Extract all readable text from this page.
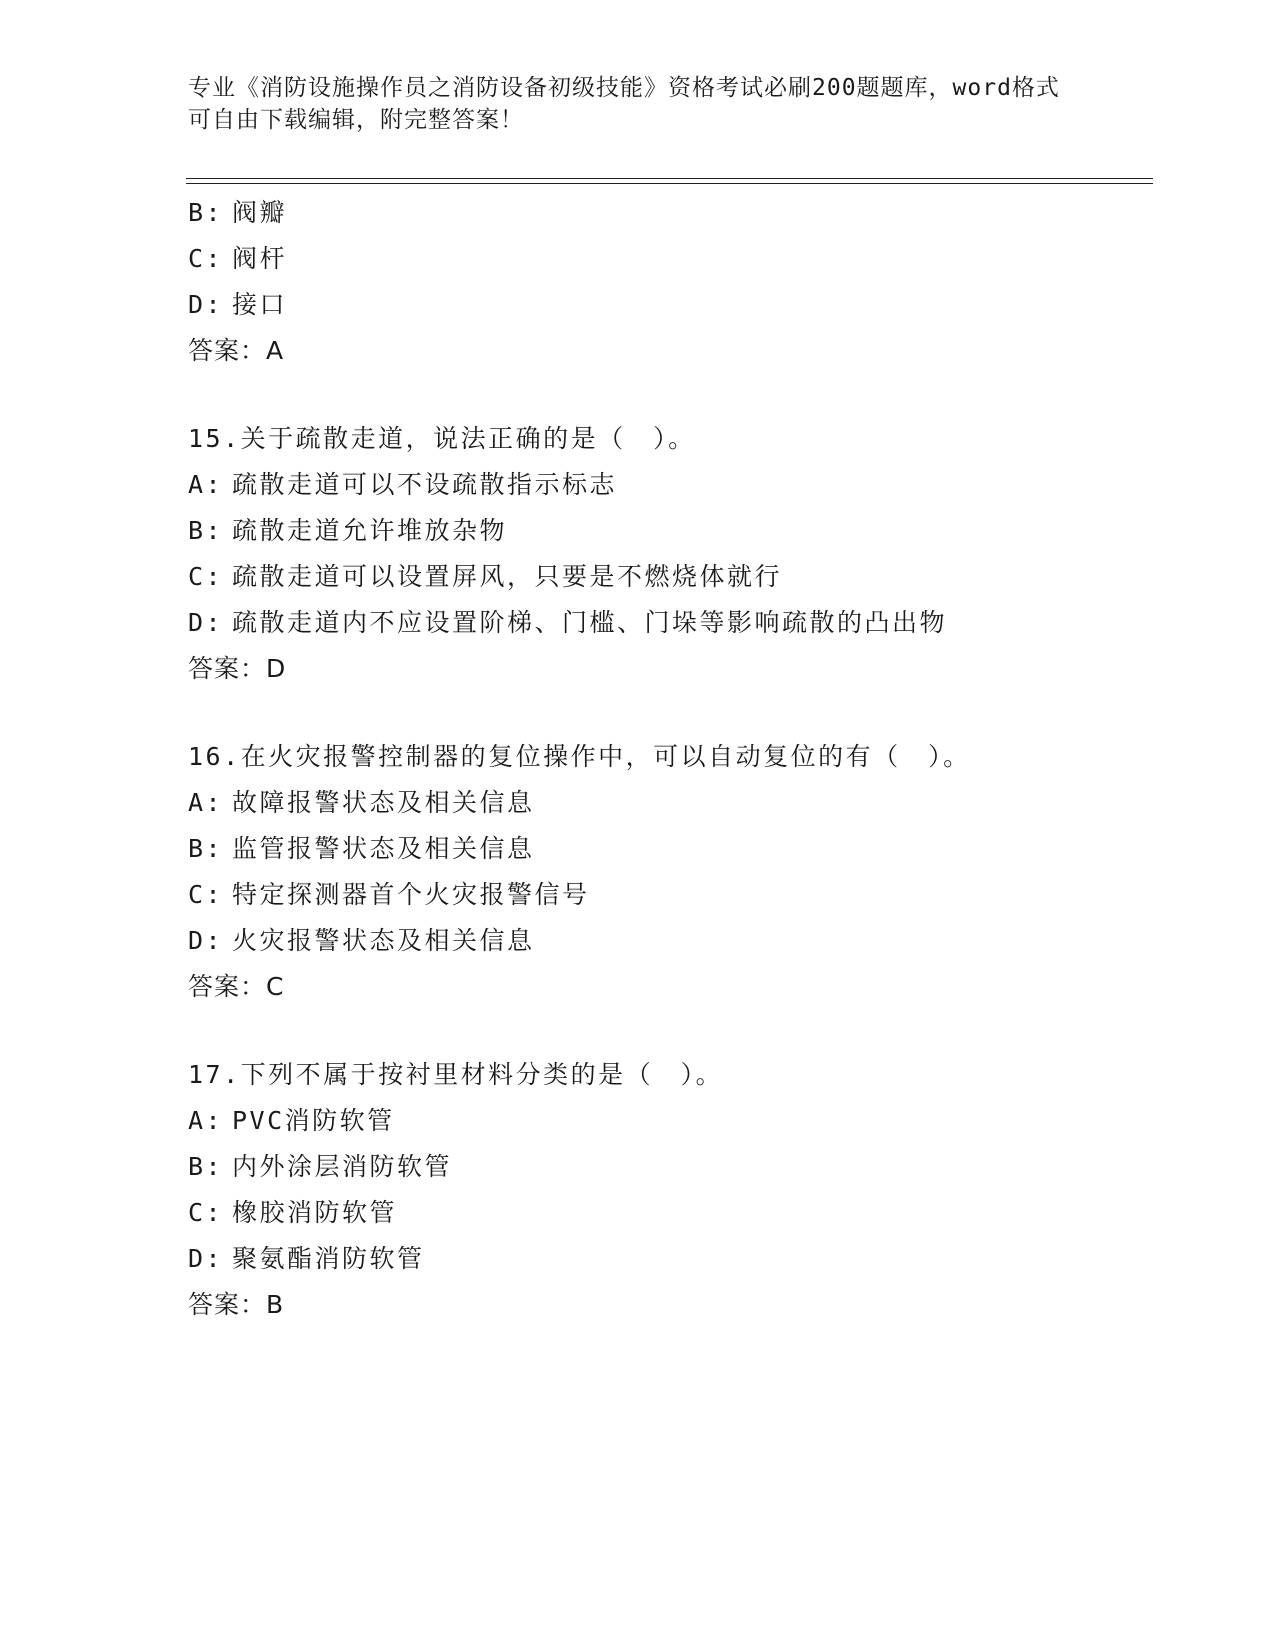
专业《消防设施操作员之消防设备初级技能》资格考试必刷200题题库，word格式可自由下载编辑，附完整答案！
B: 阀瓣
C: 阀杆
D: 接口
答案：A
15.关于疏散走道，说法正确的是（　）。
A: 疏散走道可以不设疏散指示标志
B: 疏散走道允许堆放杂物
C: 疏散走道可以设置屏风，只要是不燃烧体就行
D: 疏散走道内不应设置阶梯、门槛、门垛等影响疏散的凸出物
答案：D
16.在火灾报警控制器的复位操作中，可以自动复位的有（　）。
A: 故障报警状态及相关信息
B: 监管报警状态及相关信息
C: 特定探测器首个火灾报警信号
D: 火灾报警状态及相关信息
答案：C
17.下列不属于按衬里材料分类的是（　）。
A: PVC消防软管
B: 内外涂层消防软管
C: 橡胶消防软管
D: 聚氨酯消防软管
答案：B
